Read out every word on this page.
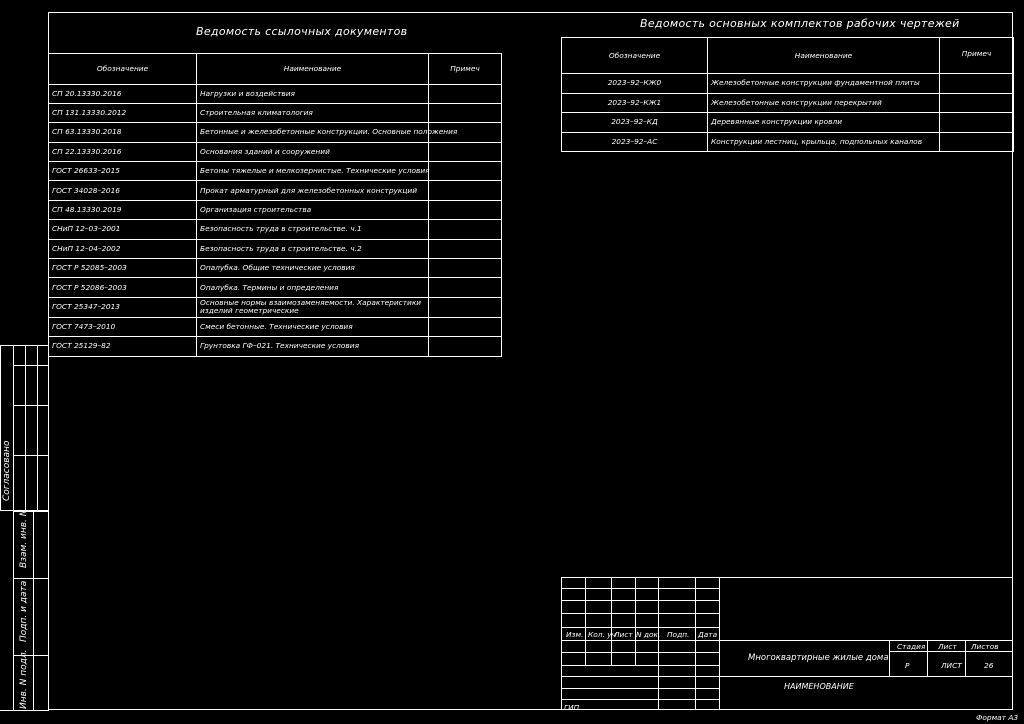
Ведомость ссылочных документов

Обозначение	Наименование	Примеч
СП 20.13330.2016	Нагрузки и воздействия	
СП 131.13330.2012	Строительная климатология	
СП 63.13330.2018	Бетонные и железобетонные конструкции. Основные положения	
СП 22.13330.2016	Основания зданий и сооружений	
ГОСТ 26633–2015	Бетоны тяжелые и мелкозернистые. Технические условия	
ГОСТ 34028–2016	Прокат арматурный для железобетонных конструкций	
СП 48.13330.2019	Организация строительства	
СНиП 12–03–2001	Безопасность труда в строительстве. ч.1	
СНиП 12–04–2002	Безопасность труда в строительстве. ч.2	
ГОСТ Р 52085–2003	Опалубка. Общие технические условия	
ГОСТ Р 52086–2003	Опалубка. Термины и определения	
ГОСТ 25347–2013	Основные нормы взаимозаменяемости. Характеристики изделий геометрические	
ГОСТ 7473–2010	Смеси бетонные. Технические условия	
ГОСТ 25129–82	Грунтовка ГФ–021. Технические условия	
Ведомость основных комплектов рабочих чертежей
Обозначение	Наименование	Примеч
2023–92–КЖ0	Железобетонные конструкции фундаментной плиты	
2023–92–КЖ1	Железобетонные конструкции перекрытий	
2023–92–КД	Деревянные конструкции кровли	
2023–92–АС	Конструкции лестниц, крыльца, подпольных каналов	
Согласовано
Взам. инв. N
Подп. и дата
Инв. N подл.
Изм. Кол. уч
Лист N док. Подп. Дата
ГИП
Многоквартирные жилые дома
НАИМЕНОВАНИЕ
Стадия Лист Листов
Р	ЛИСТ	26
Формат А3
